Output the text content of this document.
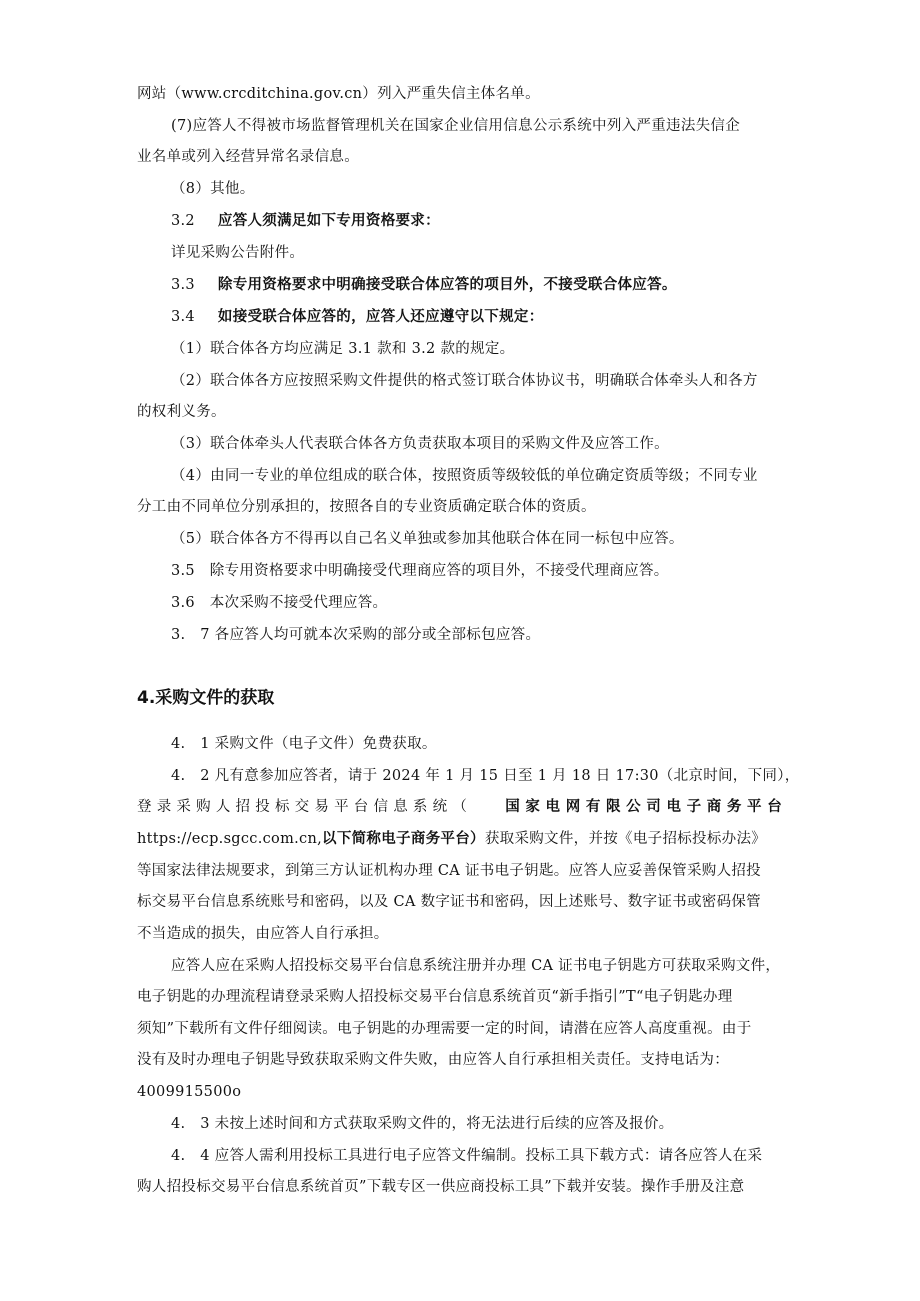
网站（www.crcditchina.gov.cn）列入严重失信主体名单。
(7)应答人不得被市场监督管理机关在国家企业信用信息公示系统中列入严重违法失信企
业名单或列入经营异常名录信息。
（8）其他。
3.2 应答人须满足如下专用资格要求：
详见采购公告附件。
3.3 除专用资格要求中明确接受联合体应答的项目外，不接受联合体应答。
3.4 如接受联合体应答的，应答人还应遵守以下规定：
（1）联合体各方均应满足 3.1 款和 3.2 款的规定。
（2）联合体各方应按照采购文件提供的格式签订联合体协议书，明确联合体牵头人和各方
的权利义务。
（3）联合体牵头人代表联合体各方负责获取本项目的采购文件及应答工作。
（4）由同一专业的单位组成的联合体，按照资质等级较低的单位确定资质等级；不同专业
分工由不同单位分别承担的，按照各自的专业资质确定联合体的资质。
（5）联合体各方不得再以自己名义单独或参加其他联合体在同一标包中应答。
3.5　除专用资格要求中明确接受代理商应答的项目外，不接受代理商应答。
3.6　本次采购不接受代理应答。
3.　7 各应答人均可就本次采购的部分或全部标包应答。
4.采购文件的获取
4.　1 采购文件（电子文件）免费获取。
4.　2 凡有意参加应答者，请于 2024 年 1 月 15 日至 1 月 18 日 17:30（北京时间，下同），
登 录 采 购 人 招 投 标 交 易 平 台 信 息 系 统 （	国 家 电 网 有 限 公 司 电 子 商 务 平 台
https://ecp.sgcc.com.cn,以下简称电子商务平台）获取采购文件，并按《电子招标投标办法》
等国家法律法规要求，到第三方认证机构办理 CA 证书电子钥匙。应答人应妥善保管采购人招投
标交易平台信息系统账号和密码，以及 CA 数字证书和密码，因上述账号、数字证书或密码保管
不当造成的损失，由应答人自行承担。
应答人应在采购人招投标交易平台信息系统注册并办理 CA 证书电子钥匙方可获取采购文件，
电子钥匙的办理流程请登录采购人招投标交易平台信息系统首页“新手指引”T“电子钥匙办理
须知”下载所有文件仔细阅读。电子钥匙的办理需要一定的时间，请潜在应答人高度重视。由于
没有及时办理电子钥匙导致获取采购文件失败，由应答人自行承担相关责任。支持电话为：
4009915500o
4.　3 未按上述时间和方式获取采购文件的，将无法进行后续的应答及报价。
4.　4 应答人需利用投标工具进行电子应答文件编制。投标工具下载方式：请各应答人在采
购人招投标交易平台信息系统首页”下载专区一供应商投标工具”下载并安装。操作手册及注意
